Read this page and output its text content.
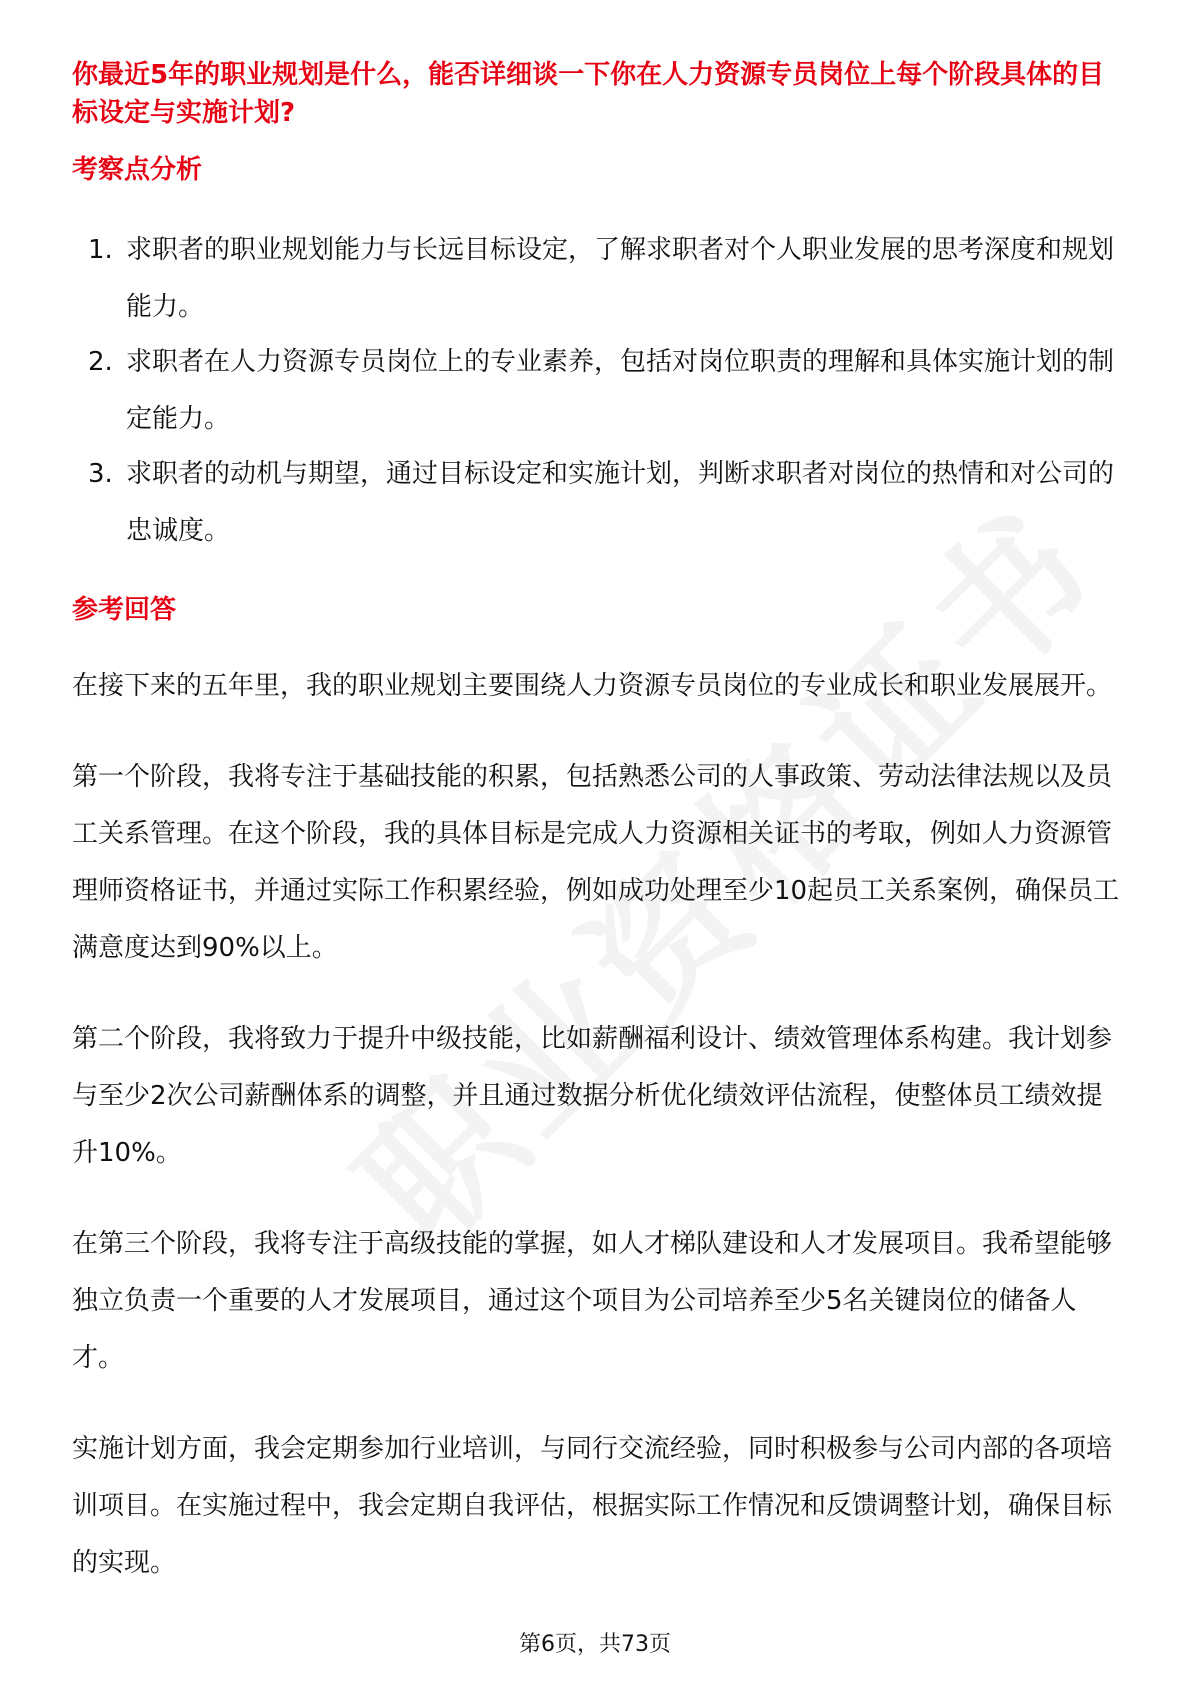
你最近5年的职业规划是什么，能否详细谈一下你在人力资源专员岗位上每个阶段具体的目标设定与实施计划?

考察点分析
1. 求职者的职业规划能力与长远目标设定，了解求职者对个人职业发展的思考深度和规划能力。
2. 求职者在人力资源专员岗位上的专业素养，包括对岗位职责的理解和具体实施计划的制定能力。
3. 求职者的动机与期望，通过目标设定和实施计划，判断求职者对岗位的热情和对公司的忠诚度。
参考回答

在接下来的五年里，我的职业规划主要围绕人力资源专员岗位的专业成长和职业发展展开。

第一个阶段，我将专注于基础技能的积累，包括熟悉公司的人事政策、劳动法律法规以及员工关系管理。在这个阶段，我的具体目标是完成人力资源相关证书的考取，例如人力资源管理师资格证书，并通过实际工作积累经验，例如成功处理至少10起员工关系案例，确保员工满意度达到90%以上。

第二个阶段，我将致力于提升中级技能，比如薪酬福利设计、绩效管理体系构建。我计划参与至少2次公司薪酬体系的调整，并且通过数据分析优化绩效评估流程，使整体员工绩效提升10%。

在第三个阶段，我将专注于高级技能的掌握，如人才梯队建设和人才发展项目。我希望能够独立负责一个重要的人才发展项目，通过这个项目为公司培养至少5名关键岗位的储备人才。

实施计划方面，我会定期参加行业培训，与同行交流经验，同时积极参与公司内部的各项培训项目。在实施过程中，我会定期自我评估，根据实际工作情况和反馈调整计划，确保目标的实现。

第6页，共73页
